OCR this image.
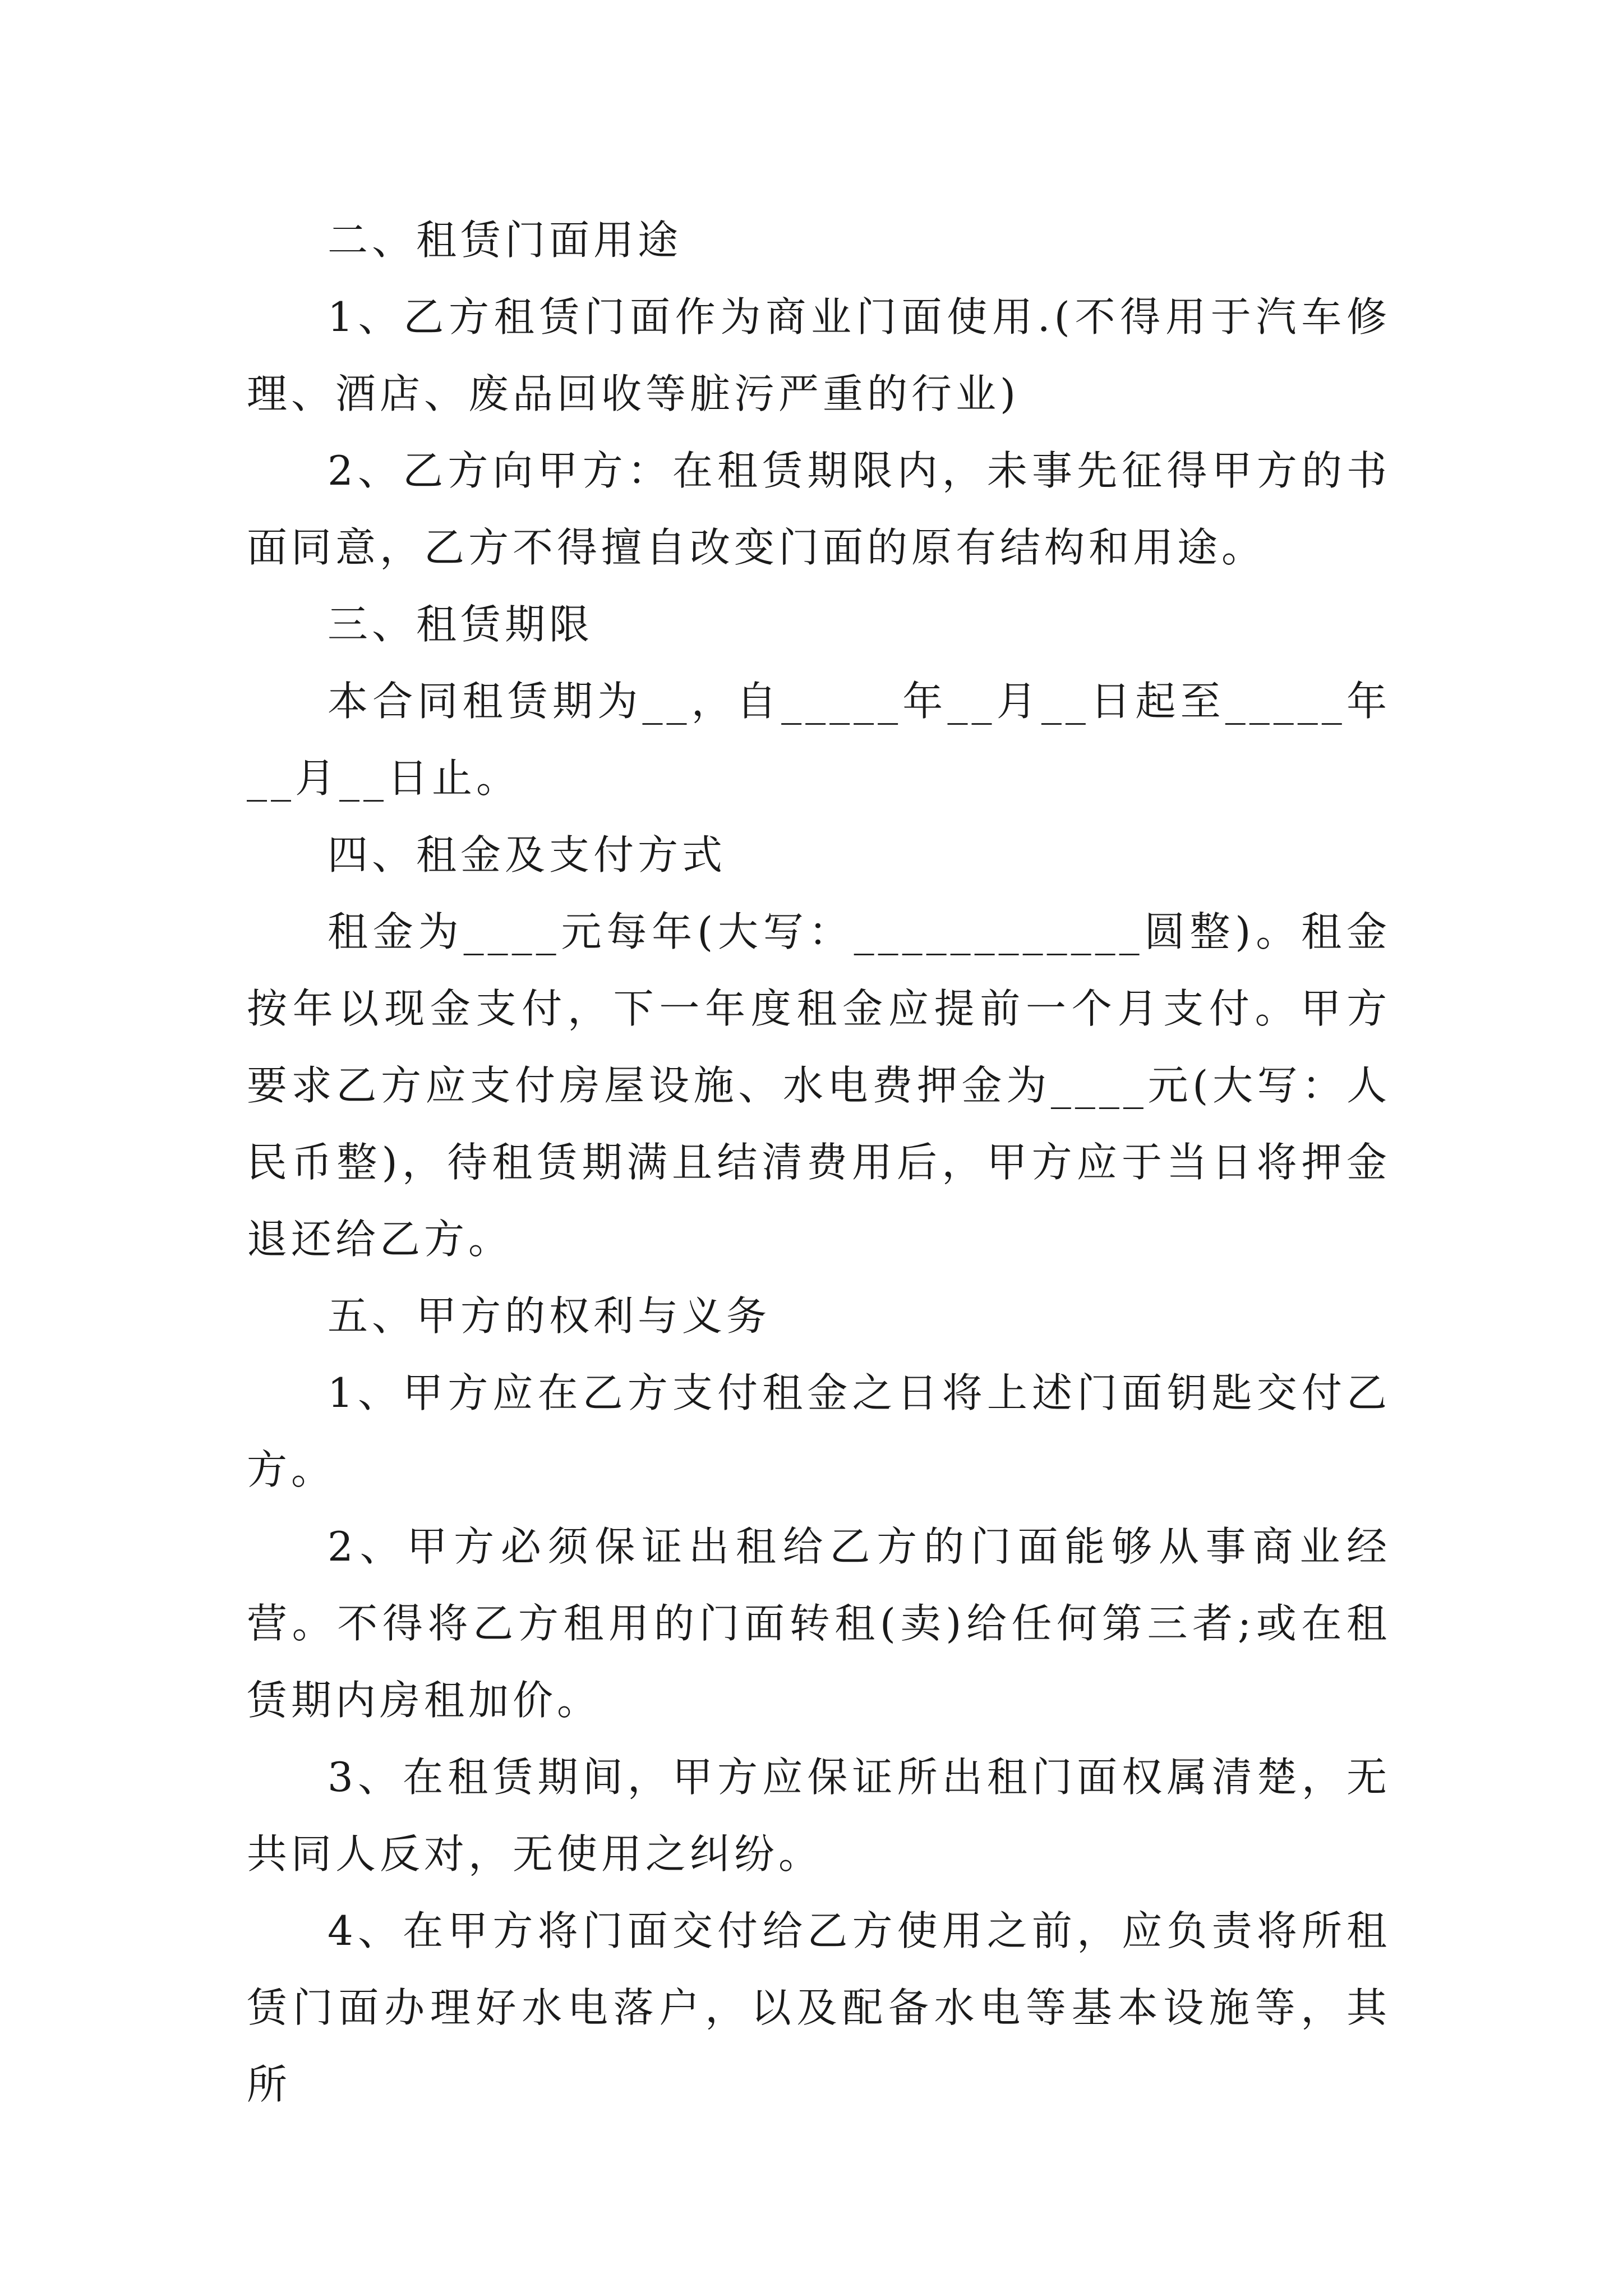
二、租赁门面用途

1、乙方租赁门面作为商业门面使用.(不得用于汽车修理、酒店、废品回收等脏污严重的行业)

2、乙方向甲方：在租赁期限内，未事先征得甲方的书面同意，乙方不得擅自改变门面的原有结构和用途。

三、租赁期限

本合同租赁期为__，自_____年__月__日起至_____年__月__日止。

四、租金及支付方式

租金为____元每年(大写：____________圆整)。租金按年以现金支付，下一年度租金应提前一个月支付。甲方要求乙方应支付房屋设施、水电费押金为____元(大写：人民币整)，待租赁期满且结清费用后，甲方应于当日将押金退还给乙方。

五、甲方的权利与义务

1、甲方应在乙方支付租金之日将上述门面钥匙交付乙方。

2、甲方必须保证出租给乙方的门面能够从事商业经营。不得将乙方租用的门面转租(卖)给任何第三者;或在租赁期内房租加价。

3、在租赁期间，甲方应保证所出租门面权属清楚，无共同人反对，无使用之纠纷。

4、在甲方将门面交付给乙方使用之前，应负责将所租赁门面办理好水电落户，以及配备水电等基本设施等，其所
